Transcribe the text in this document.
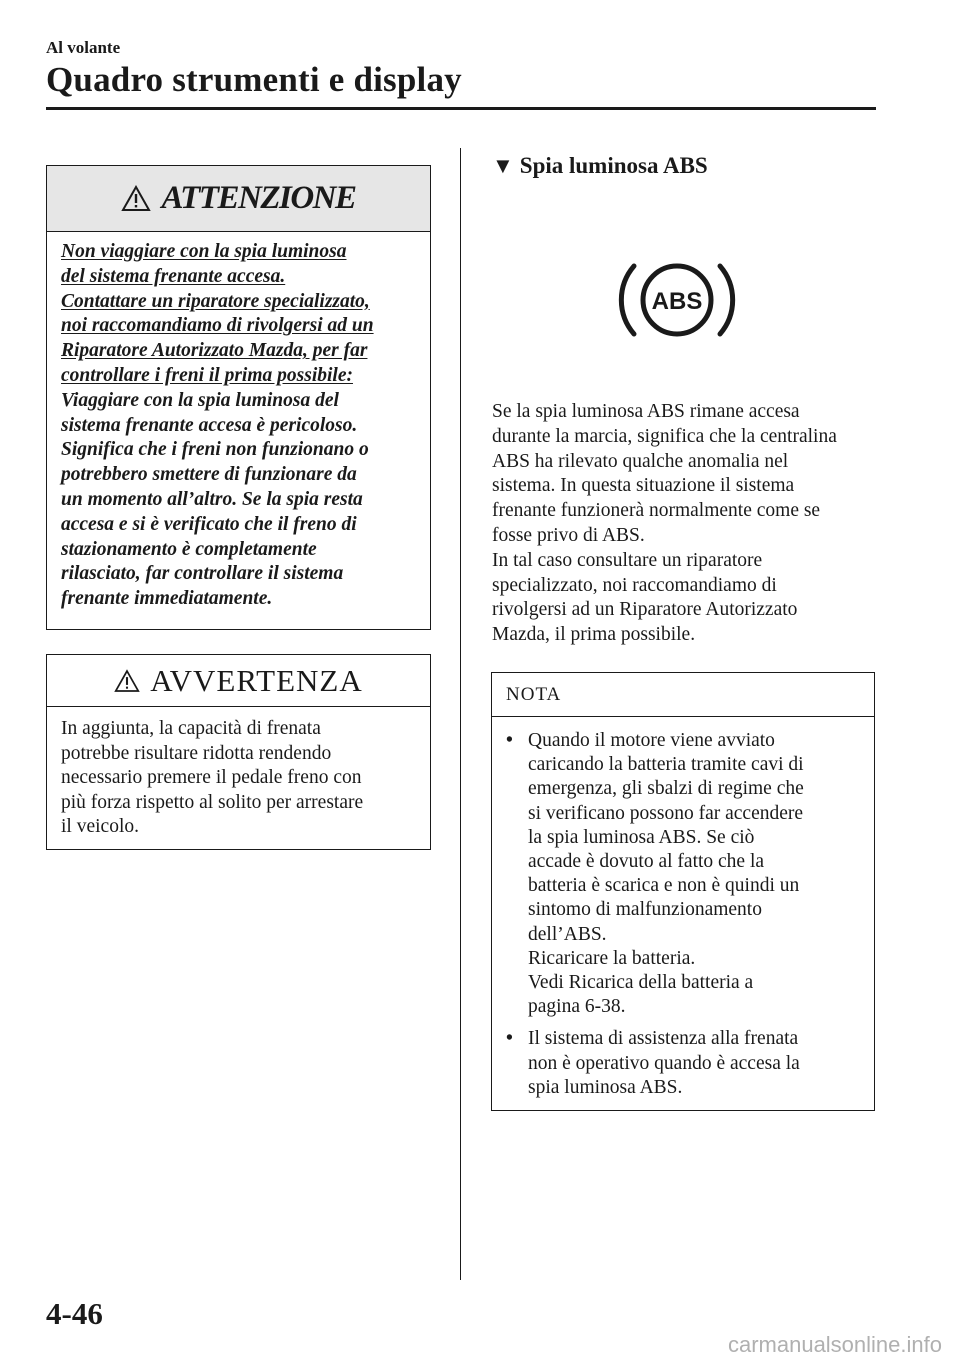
Al volante
Quadro strumenti e display
ATTENZIONE
Non viaggiare con la spia luminosa
del sistema frenante accesa.
Contattare un riparatore specializzato,
noi raccomandiamo di rivolgersi ad un
Riparatore Autorizzato Mazda, per far
controllare i freni il prima possibile:
Viaggiare con la spia luminosa del
sistema frenante accesa è pericoloso.
Significa che i freni non funzionano o
potrebbero smettere di funzionare da
un momento all’altro. Se la spia resta
accesa e si è verificato che il freno di
stazionamento è completamente
rilasciato, far controllare il sistema
frenante immediatamente.
AVVERTENZA
In aggiunta, la capacità di frenata
potrebbe risultare ridotta rendendo
necessario premere il pedale freno con
più forza rispetto al solito per arrestare
il veicolo.
▼ Spia luminosa ABS
ABS
Se la spia luminosa ABS rimane accesa
durante la marcia, significa che la centralina
ABS ha rilevato qualche anomalia nel
sistema. In questa situazione il sistema
frenante funzionerà normalmente come se
fosse privo di ABS.
In tal caso consultare un riparatore
specializzato, noi raccomandiamo di
rivolgersi ad un Riparatore Autorizzato
Mazda, il prima possibile.
NOTA
• Quando il motore viene avviato
caricando la batteria tramite cavi di
emergenza, gli sbalzi di regime che
si verificano possono far accendere
la spia luminosa ABS. Se ciò
accade è dovuto al fatto che la
batteria è scarica e non è quindi un
sintomo di malfunzionamento
dell’ABS.
Ricaricare la batteria.
Vedi Ricarica della batteria a
pagina 6-38.
• Il sistema di assistenza alla frenata
non è operativo quando è accesa la
spia luminosa ABS.
4-46
carmanualsonline.info
